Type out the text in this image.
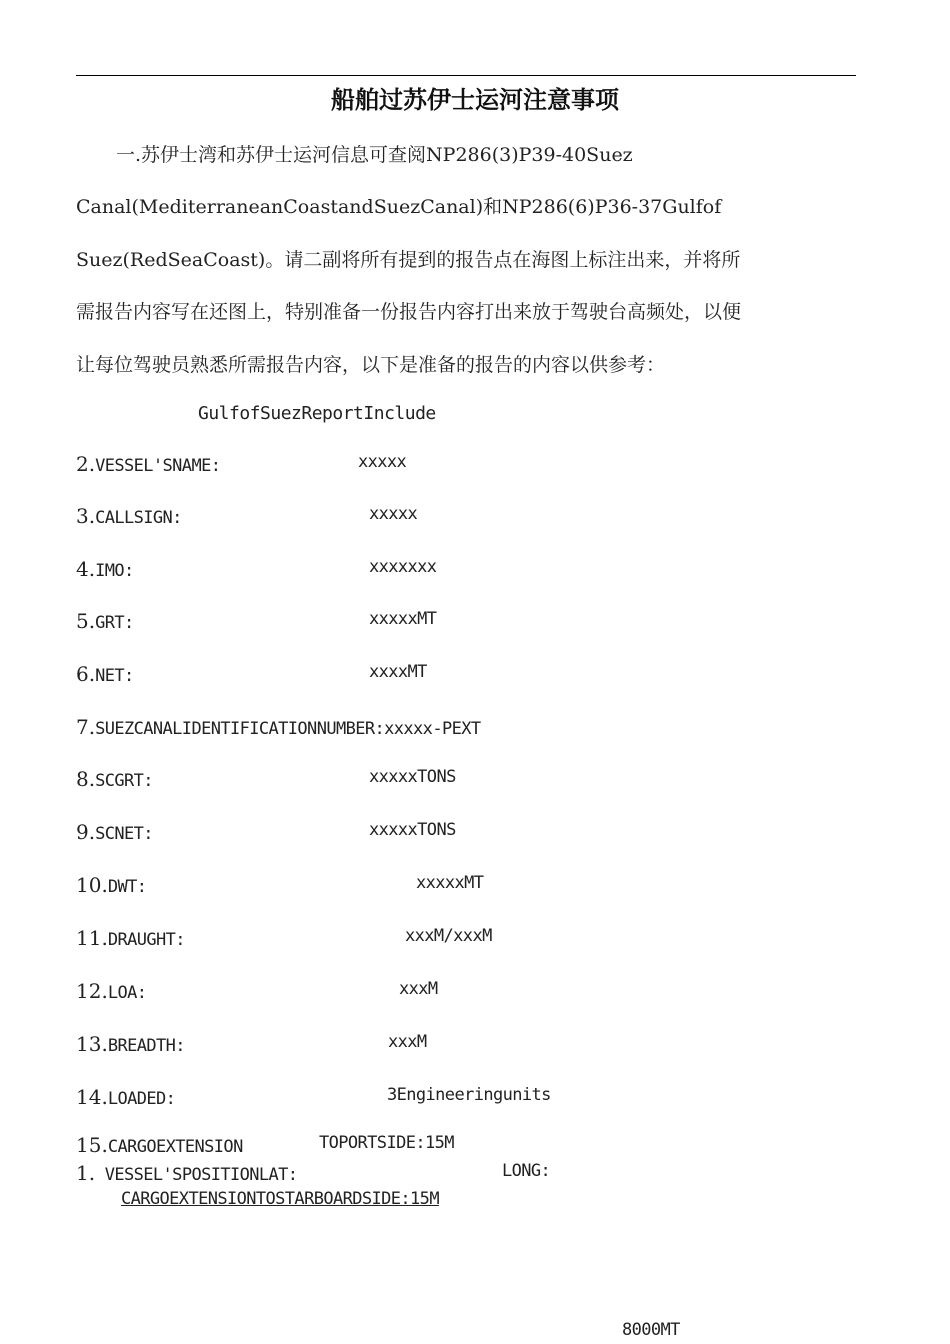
船舶过苏伊士运河注意事项
一.苏伊士湾和苏伊士运河信息可查阅NP286(3)P39-40Suez
Canal(MediterraneanCoastandSuezCanal)和NP286(6)P36-37Gulfof
Suez(RedSeaCoast)。请二副将所有提到的报告点在海图上标注出来，并将所
需报告内容写在还图上，特别准备一份报告内容打出来放于驾驶台高频处，以便
让每位驾驶员熟悉所需报告内容，以下是准备的报告的内容以供参考：
GulfofSuezReportInclude
2.VESSEL'SNAME:	xxxxx
3.CALLSIGN:	xxxxx
4.IMO:	xxxxxxx
5.GRT:	xxxxxMT
6.NET:	xxxxMT
7.SUEZCANALIDENTIFICATIONNUMBER:xxxxx-PEXT
8.SCGRT:	xxxxxTONS
9.SCNET:	xxxxxTONS
10.DWT:	xxxxxMT
11.DRAUGHT:	xxxM/xxxM
12.LOA:	xxxM
13.BREADTH:	xxxM
14.LOADED:	3Engineeringunits
15.CARGOEXTENSION	TOPORTSIDE:15M
1. VESSEL'SPOSITIONLAT:	LONG:
CARGOEXTENSIONTOSTARBOARDSIDE:15M
8000MT
